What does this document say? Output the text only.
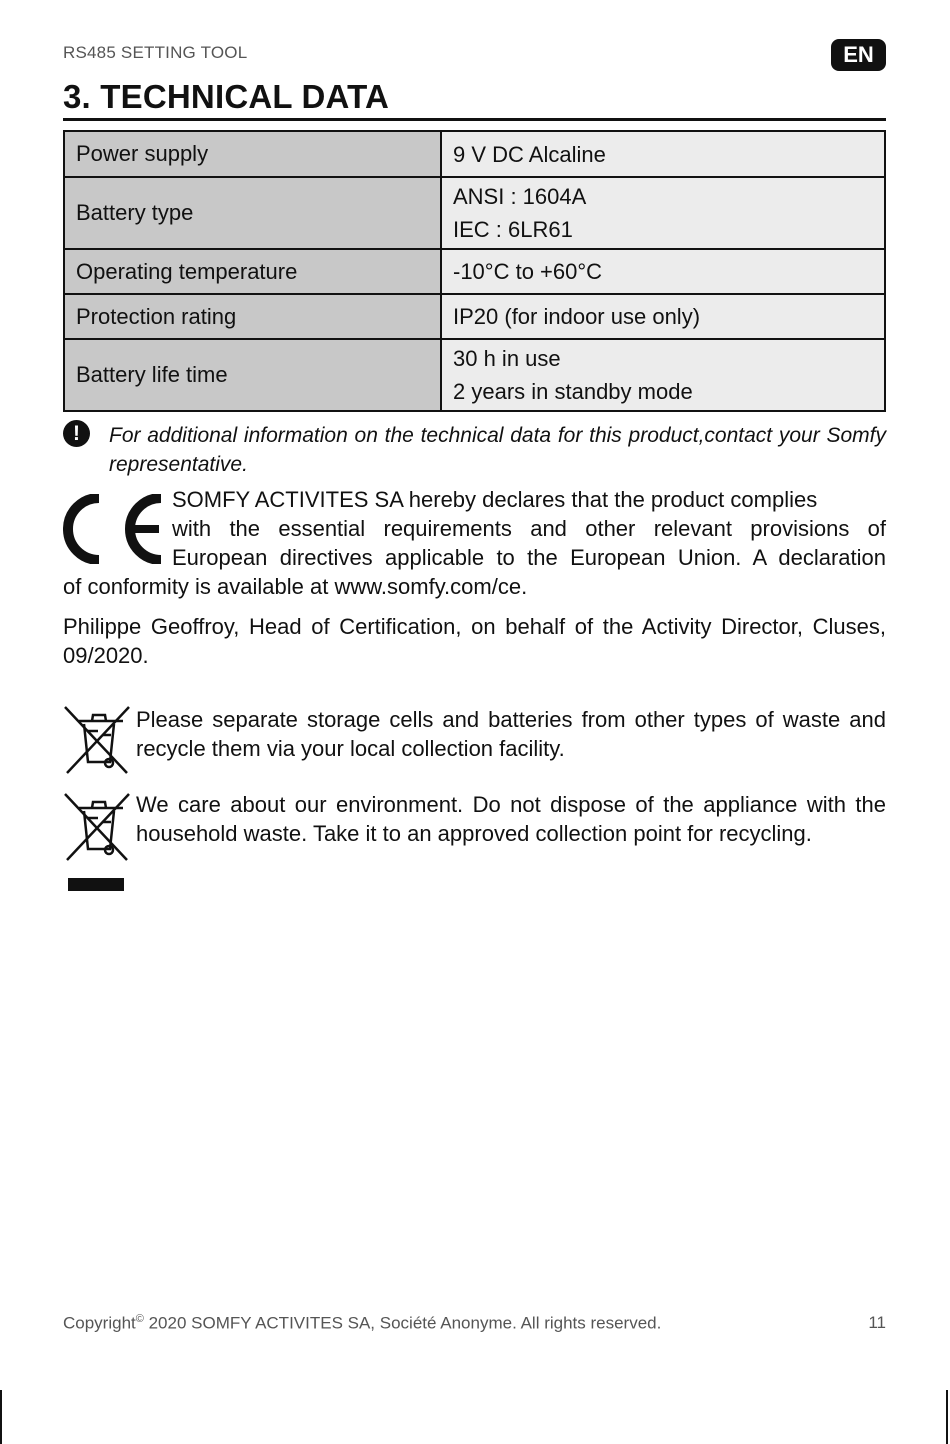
RS485 SETTING TOOL	EN
3. TECHNICAL DATA
Power supply	9 V DC Alcaline

Battery type	ANSI : 1604A
IEC : 6LR61

Operating temperature	-10°C to +60°C

Protection rating	IP20 (for indoor use only)

Battery life time	30 h in use
2 years in standby mode
!	For additional information on the technical data for this product,contact your Somfy representative.
SOMFY ACTIVITES SA hereby declares that the product complies
with the essential requirements and other relevant provisions of
European directives applicable to the European Union. A declaration
of conformity is available at www.somfy.com/ce.
Philippe Geoffroy, Head of Certification, on behalf of the Activity Director, Cluses, 09/2020.
Please separate storage cells and batteries from other types of waste and recycle them via your local collection facility.
We care about our environment. Do not dispose of the appliance with the household waste. Take it to an approved collection point for recycling.
Copyright© 2020 SOMFY ACTIVITES SA, Société Anonyme. All rights reserved.	11
